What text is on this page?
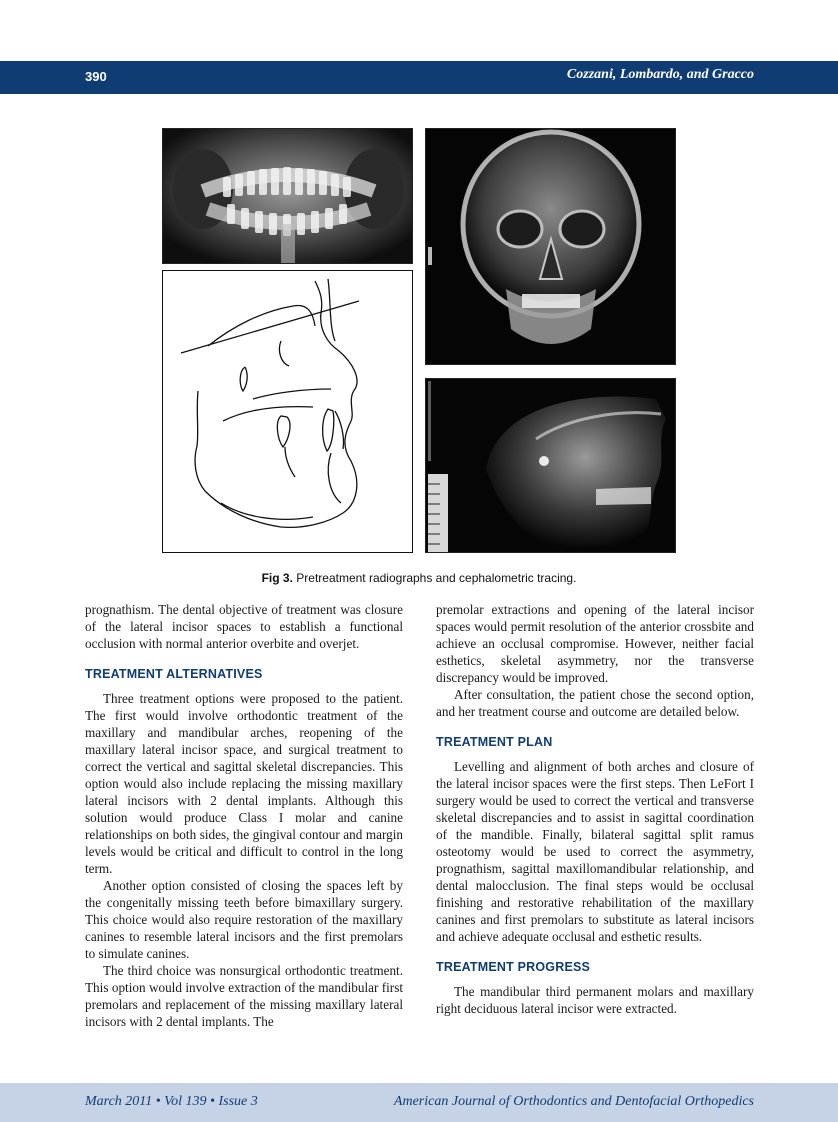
390	Cozzani, Lombardo, and Gracco
Fig 3. Pretreatment radiographs and cephalometric tracing.

prognathism. The dental objective of treatment was closure of the lateral incisor spaces to establish a functional occlusion with normal anterior overbite and overjet.

TREATMENT ALTERNATIVES

Three treatment options were proposed to the patient. The first would involve orthodontic treatment of the maxillary and mandibular arches, reopening of the maxillary lateral incisor space, and surgical treatment to correct the vertical and sagittal skeletal discrepancies. This option would also include replacing the missing maxillary lateral incisors with 2 dental implants. Although this solution would produce Class I molar and canine relationships on both sides, the gingival contour and margin levels would be critical and difficult to control in the long term.

Another option consisted of closing the spaces left by the congenitally missing teeth before bimaxillary surgery. This choice would also require restoration of the maxillary canines to resemble lateral incisors and the first premolars to simulate canines.

The third choice was nonsurgical orthodontic treatment. This option would involve extraction of the mandibular first premolars and replacement of the missing maxillary lateral incisors with 2 dental implants. The

premolar extractions and opening of the lateral incisor spaces would permit resolution of the anterior crossbite and achieve an occlusal compromise. However, neither facial esthetics, skeletal asymmetry, nor the transverse discrepancy would be improved.

After consultation, the patient chose the second option, and her treatment course and outcome are detailed below.

TREATMENT PLAN

Levelling and alignment of both arches and closure of the lateral incisor spaces were the first steps. Then LeFort I surgery would be used to correct the vertical and transverse skeletal discrepancies and to assist in sagittal coordination of the mandible. Finally, bilateral sagittal split ramus osteotomy would be used to correct the asymmetry, prognathism, sagittal maxillomandibular relationship, and dental malocclusion. The final steps would be occlusal finishing and restorative rehabilitation of the maxillary canines and first premolars to substitute as lateral incisors and achieve adequate occlusal and esthetic results.

TREATMENT PROGRESS

The mandibular third permanent molars and maxillary right deciduous lateral incisor were extracted.

March 2011 • Vol 139 • Issue 3	American Journal of Orthodontics and Dentofacial Orthopedics
